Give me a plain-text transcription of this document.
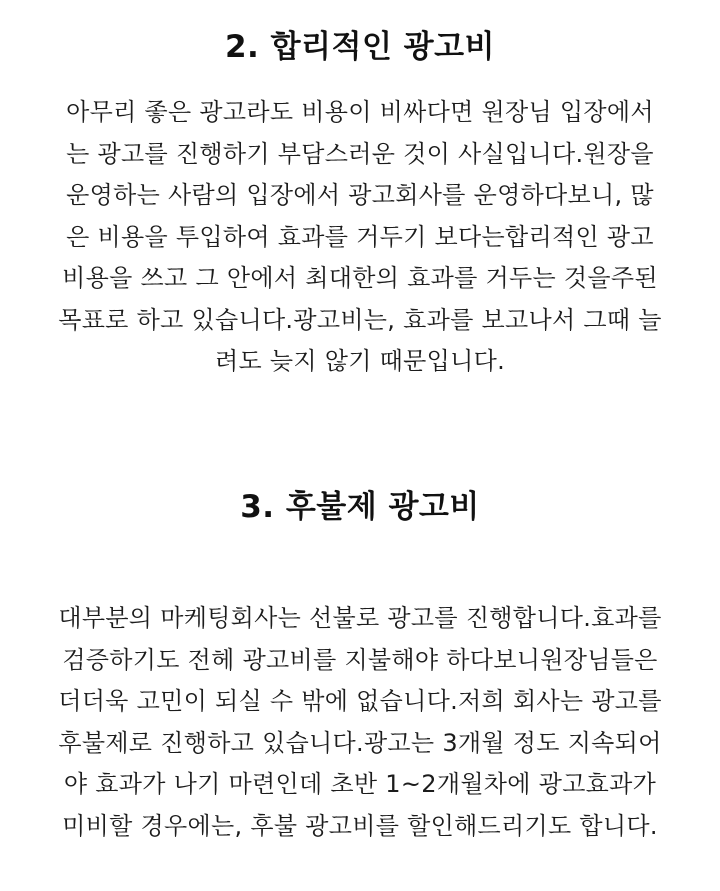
2. 합리적인 광고비
아무리 좋은 광고라도 비용이 비싸다면 원장님 입장에서
는 광고를 진행하기 부담스러운 것이 사실입니다.원장을
운영하는 사람의 입장에서 광고회사를 운영하다보니, 많
은 비용을 투입하여 효과를 거두기 보다는합리적인 광고
비용을 쓰고 그 안에서 최대한의 효과를 거두는 것을주된
목표로 하고 있습니다.광고비는, 효과를 보고나서 그때 늘
려도 늦지 않기 때문입니다.
3. 후불제 광고비
대부분의 마케팅회사는 선불로 광고를 진행합니다.효과를
검증하기도 전헤 광고비를 지불해야 하다보니원장님들은
더더욱 고민이 되실 수 밖에 없습니다.저희 회사는 광고를
후불제로 진행하고 있습니다.광고는 3개월 정도 지속되어
야 효과가 나기 마련인데 초반 1~2개월차에 광고효과가
미비할 경우에는, 후불 광고비를 할인해드리기도 합니다.
